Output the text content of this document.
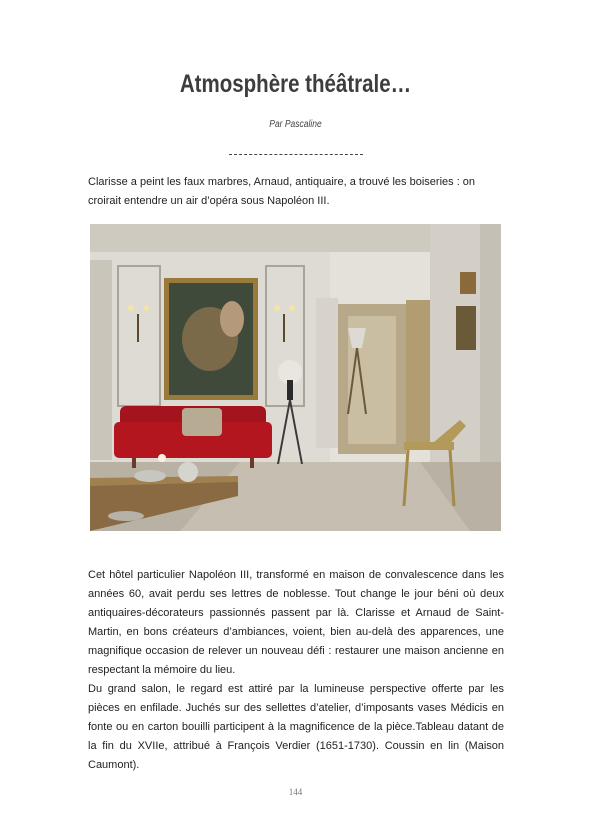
Atmosphère théâtrale…
Par Pascaline
Clarisse a peint les faux marbres, Arnaud, antiquaire, a trouvé les boiseries : on croirait entendre un air d’opéra sous Napoléon III.

Cet hôtel particulier Napoléon III, transformé en maison de convalescence dans les années 60, avait perdu ses lettres de noblesse. Tout change le jour béni où deux antiquaires-décorateurs passionnés passent par là. Clarisse et Arnaud de Saint-Martin, en bons créateurs d’ambiances, voient, bien au-delà des apparences, une magnifique occasion de relever un nouveau défi : restaurer une maison ancienne en respectant la mémoire du lieu.

Du grand salon, le regard est attiré par la lumineuse perspective offerte par les pièces en enfilade. Juchés sur des sellettes d’atelier, d’imposants vases Médicis en fonte ou en carton bouilli participent à la magnificence de la pièce.Tableau datant de la fin du XVIIe, attribué à François Verdier (1651-1730). Coussin en lin (Maison Caumont).

144
